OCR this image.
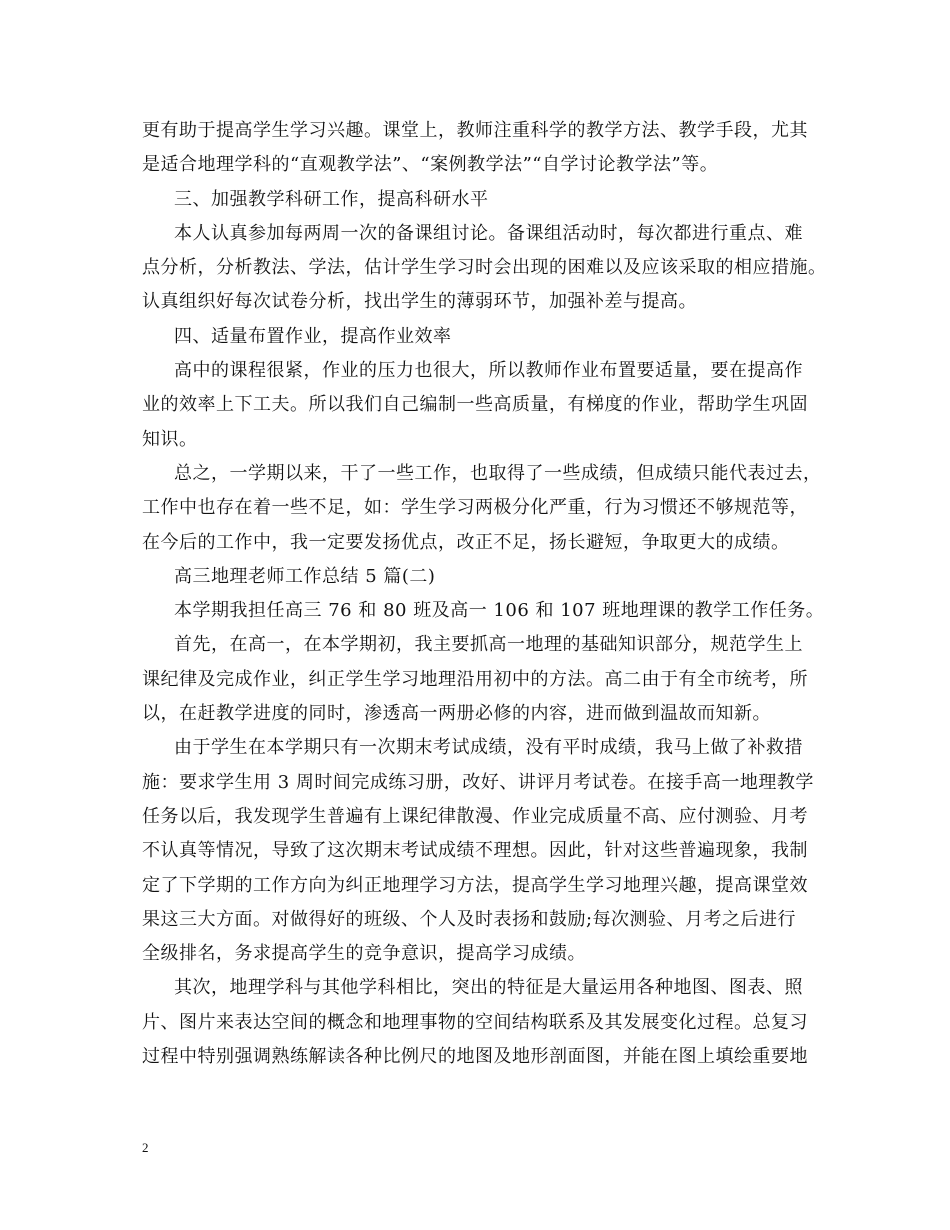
更有助于提高学生学习兴趣。课堂上，教师注重科学的教学方法、教学手段，尤其
是适合地理学科的“直观教学法”、“案例教学法”“自学讨论教学法”等。
三、加强教学科研工作，提高科研水平
本人认真参加每两周一次的备课组讨论。备课组活动时，每次都进行重点、难
点分析，分析教法、学法，估计学生学习时会出现的困难以及应该采取的相应措施。
认真组织好每次试卷分析，找出学生的薄弱环节，加强补差与提高。
四、适量布置作业，提高作业效率
高中的课程很紧，作业的压力也很大，所以教师作业布置要适量，要在提高作
业的效率上下工夫。所以我们自己编制一些高质量，有梯度的作业，帮助学生巩固
知识。
总之，一学期以来，干了一些工作，也取得了一些成绩，但成绩只能代表过去，
工作中也存在着一些不足，如：学生学习两极分化严重，行为习惯还不够规范等，
在今后的工作中，我一定要发扬优点，改正不足，扬长避短，争取更大的成绩。
高三地理老师工作总结 5 篇(二)
本学期我担任高三 76 和 80 班及高一 106 和 107 班地理课的教学工作任务。
首先，在高一，在本学期初，我主要抓高一地理的基础知识部分，规范学生上
课纪律及完成作业，纠正学生学习地理沿用初中的方法。高二由于有全市统考，所
以，在赶教学进度的同时，渗透高一两册必修的内容，进而做到温故而知新。
由于学生在本学期只有一次期末考试成绩，没有平时成绩，我马上做了补救措
施：要求学生用 3 周时间完成练习册，改好、讲评月考试卷。在接手高一地理教学
任务以后，我发现学生普遍有上课纪律散漫、作业完成质量不高、应付测验、月考
不认真等情况，导致了这次期末考试成绩不理想。因此，针对这些普遍现象，我制
定了下学期的工作方向为纠正地理学习方法，提高学生学习地理兴趣，提高课堂效
果这三大方面。对做得好的班级、个人及时表扬和鼓励;每次测验、月考之后进行
全级排名，务求提高学生的竞争意识，提高学习成绩。
其次，地理学科与其他学科相比，突出的特征是大量运用各种地图、图表、照
片、图片来表达空间的概念和地理事物的空间结构联系及其发展变化过程。总复习
过程中特别强调熟练解读各种比例尺的地图及地形剖面图，并能在图上填绘重要地
2
